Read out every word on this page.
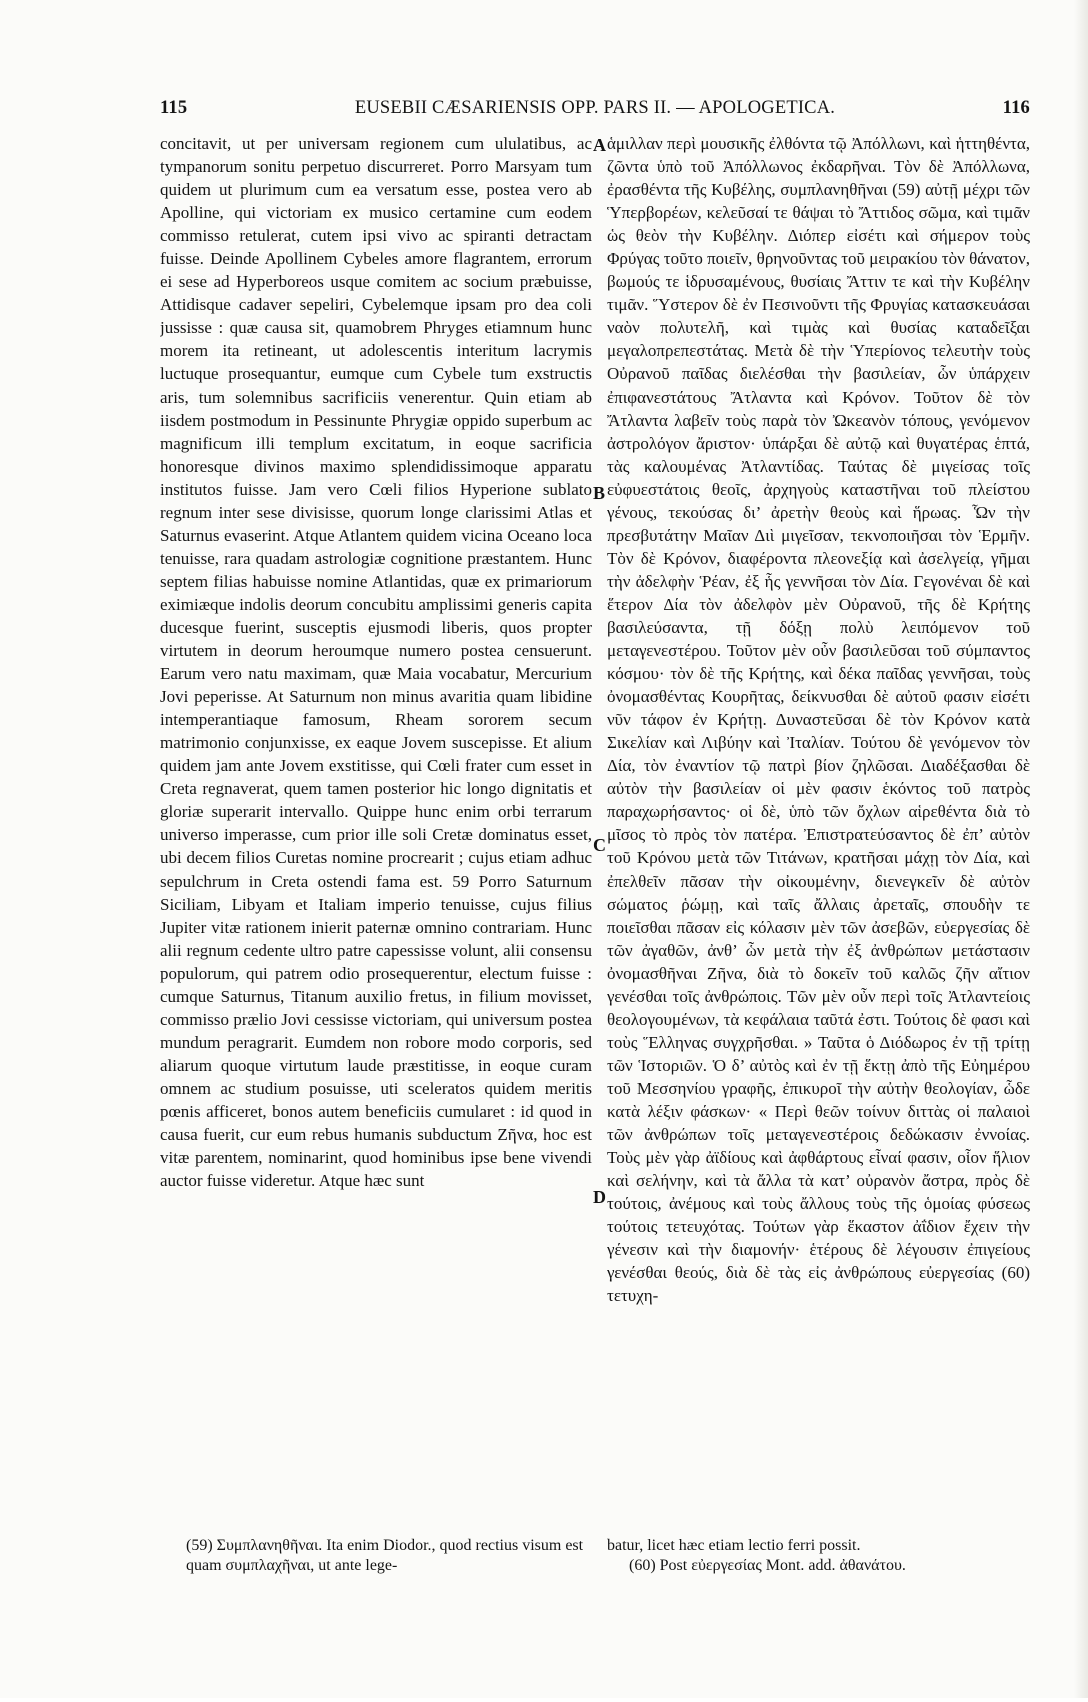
115	EUSEBII CÆSARIENSIS OPP. PARS II. — APOLOGETICA.	116

concitavit, ut per universam regionem cum ululatibus, ac tympanorum sonitu perpetuo discurreret. Porro Marsyam tum quidem ut plurimum cum ea versatum esse, postea vero ab Apolline, qui victoriam ex musico certamine cum eodem commisso retulerat, cutem ipsi vivo ac spiranti detractam fuisse. Deinde Apollinem Cybeles amore flagrantem, errorum ei sese ad Hyperboreos usque comitem ac socium præbuisse, Attidisque cadaver sepeliri, Cybelemque ipsam pro dea coli jussisse : quæ causa sit, quamobrem Phryges etiamnum hunc morem ita retineant, ut adolescentis interitum lacrymis luctuque prosequantur, eumque cum Cybele tum exstructis aris, tum solemnibus sacrificiis venerentur. Quin etiam ab iisdem postmodum in Pessinunte Phrygiæ oppido superbum ac magnificum illi templum excitatum, in eoque sacrificia honoresque divinos maximo splendidissimoque apparatu institutos fuisse. Jam vero Cœli filios Hyperione sublato regnum inter sese divisisse, quorum longe clarissimi Atlas et Saturnus evaserint. Atque Atlantem quidem vicina Oceano loca tenuisse, rara quadam astrologiæ cognitione præstantem. Hunc septem filias habuisse nomine Atlantidas, quæ ex primariorum eximiæque indolis deorum concubitu amplissimi generis capita ducesque fuerint, susceptis ejusmodi liberis, quos propter virtutem in deorum heroumque numero postea censuerunt. Earum vero natu maximam, quæ Maia vocabatur, Mercurium Jovi peperisse. At Saturnum non minus avaritia quam libidine intemperantiaque famosum, Rheam sororem secum matrimonio conjunxisse, ex eaque Jovem suscepisse. Et alium quidem jam ante Jovem exstitisse, qui Cœli frater cum esset in Creta regnaverat, quem tamen posterior hic longo dignitatis et gloriæ superarit intervallo. Quippe hunc enim orbi terrarum universo imperasse, cum prior ille soli Cretæ dominatus esset, ubi decem filios Curetas nomine procrearit ; cujus etiam adhuc sepulchrum in Creta ostendi fama est. 59 Porro Saturnum Siciliam, Libyam et Italiam imperio tenuisse, cujus filius Jupiter vitæ rationem inierit paternæ omnino contrariam. Hunc alii regnum cedente ultro patre capessisse volunt, alii consensu populorum, qui patrem odio prosequerentur, electum fuisse : cumque Saturnus, Titanum auxilio fretus, in filium movisset, commisso prælio Jovi cessisse victoriam, qui universum postea mundum peragrarit. Eumdem non robore modo corporis, sed aliarum quoque virtutum laude præstitisse, in eoque curam omnem ac studium posuisse, uti sceleratos quidem meritis pœnis afficeret, bonos autem beneficiis cumularet : id quod in causa fuerit, cur eum rebus humanis subductum Ζῆνα, hoc est vitæ parentem, nominarint, quod hominibus ipse bene vivendi auctor fuisse videretur. Atque hæc sunt

A
B
C
D

ἁμιλλαν περὶ μουσικῆς ἐλθόντα τῷ Ἀπόλλωνι, καὶ ἡττηθέντα, ζῶντα ὑπὸ τοῦ Ἀπόλλωνος ἐκδαρῆναι. Τὸν δὲ Ἀπόλλωνα, ἐρασθέντα τῆς Κυβέλης, συμπλανηθῆναι (59) αὐτῇ μέχρι τῶν Ὑπερβορέων, κελεῦσαί τε θάψαι τὸ Ἄττιδος σῶμα, καὶ τιμᾶν ὡς θεὸν τὴν Κυβέλην. Διόπερ εἰσέτι καὶ σήμερον τοὺς Φρύγας τοῦτο ποιεῖν, θρηνοῦντας τοῦ μειρακίου τὸν θάνατον, βωμούς τε ἱδρυσαμένους, θυσίαις Ἄττιν τε καὶ τὴν Κυβέλην τιμᾶν. Ὕστερον δὲ ἐν Πεσινοῦντι τῆς Φρυγίας κατασκευάσαι ναὸν πολυτελῆ, καὶ τιμὰς καὶ θυσίας καταδεῖξαι μεγαλοπρεπεστάτας. Μετὰ δὲ τὴν Ὑπερίονος τελευτὴν τοὺς Οὐρανοῦ παῖδας διελέσθαι τὴν βασιλείαν, ὧν ὑπάρχειν ἐπιφανεστάτους Ἄτλαντα καὶ Κρόνον. Τοῦτον δὲ τὸν Ἄτλαντα λαβεῖν τοὺς παρὰ τὸν Ὠκεανὸν τόπους, γενόμενον ἀστρολόγον ἄριστον· ὑπάρξαι δὲ αὐτῷ καὶ θυγατέρας ἑπτά, τὰς καλουμένας Ἀτλαντίδας. Ταύτας δὲ μιγείσας τοῖς εὐφυεστάτοις θεοῖς, ἀρχηγοὺς καταστῆναι τοῦ πλείστου γένους, τεκούσας δι’ ἀρετὴν θεοὺς καὶ ἥρωας. Ὧν τὴν πρεσβυτάτην Μαῖαν Διὶ μιγεῖσαν, τεκνοποιῆσαι τὸν Ἑρμῆν. Τὸν δὲ Κρόνον, διαφέροντα πλεονεξίᾳ καὶ ἀσελγείᾳ, γῆμαι τὴν ἀδελφὴν Ῥέαν, ἐξ ἧς γεννῆσαι τὸν Δία. Γεγονέναι δὲ καὶ ἕτερον Δία τὸν ἀδελφὸν μὲν Οὐρανοῦ, τῆς δὲ Κρήτης βασιλεύσαντα, τῇ δόξῃ πολὺ λειπόμενον τοῦ μεταγενεστέρου. Τοῦτον μὲν οὖν βασιλεῦσαι τοῦ σύμπαντος κόσμου· τὸν δὲ τῆς Κρήτης, καὶ δέκα παῖδας γεννῆσαι, τοὺς ὀνομασθέντας Κουρῆτας, δείκνυσθαι δὲ αὐτοῦ φασιν εἰσέτι νῦν τάφον ἐν Κρήτῃ. Δυναστεῦσαι δὲ τὸν Κρόνον κατὰ Σικελίαν καὶ Λιβύην καὶ Ἰταλίαν. Τούτου δὲ γενόμενον τὸν Δία, τὸν ἐναντίον τῷ πατρὶ βίον ζηλῶσαι. Διαδέξασθαι δὲ αὐτὸν τὴν βασιλείαν οἱ μὲν φασιν ἑκόντος τοῦ πατρὸς παραχωρήσαντος· οἱ δὲ, ὑπὸ τῶν ὄχλων αἱρεθέντα διὰ τὸ μῖσος τὸ πρὸς τὸν πατέρα. Ἐπιστρατεύσαντος δὲ ἐπ’ αὐτὸν τοῦ Κρόνου μετὰ τῶν Τιτάνων, κρατῆσαι μάχῃ τὸν Δία, καὶ ἐπελθεῖν πᾶσαν τὴν οἰκουμένην, διενεγκεῖν δὲ αὐτὸν σώματος ῥώμῃ, καὶ ταῖς ἄλλαις ἀρεταῖς, σπουδὴν τε ποιεῖσθαι πᾶσαν εἰς κόλασιν μὲν τῶν ἀσεβῶν, εὐεργεσίας δὲ τῶν ἀγαθῶν, ἀνθ’ ὧν μετὰ τὴν ἐξ ἀνθρώπων μετάστασιν ὀνομασθῆναι Ζῆνα, διὰ τὸ δοκεῖν τοῦ καλῶς ζῆν αἴτιον γενέσθαι τοῖς ἀνθρώποις. Τῶν μὲν οὖν περὶ τοῖς Ἀτλαντείοις θεολογουμένων, τὰ κεφάλαια ταῦτά ἐστι. Τούτοις δὲ φασι καὶ τοὺς Ἕλληνας συγχρῆσθαι. » Ταῦτα ὁ Διόδωρος ἐν τῇ τρίτῃ τῶν Ἱστοριῶν. Ὁ δ’ αὐτὸς καὶ ἐν τῇ ἕκτῃ ἀπὸ τῆς Εὐημέρου τοῦ Μεσσηνίου γραφῆς, ἐπικυροῖ τὴν αὐτὴν θεολογίαν, ὧδε κατὰ λέξιν φάσκων· « Περὶ θεῶν τοίνυν διττὰς οἱ παλαιοὶ τῶν ἀνθρώπων τοῖς μεταγενεστέροις δεδώκασιν ἐννοίας. Τοὺς μὲν γὰρ ἀϊδίους καὶ ἀφθάρτους εἶναί φασιν, οἷον ἥλιον καὶ σελήνην, καὶ τὰ ἄλλα τὰ κατ’ οὐρανὸν ἄστρα, πρὸς δὲ τούτοις, ἀνέμους καὶ τοὺς ἄλλους τοὺς τῆς ὁμοίας φύσεως τούτοις τετευχότας. Τούτων γὰρ ἕκαστον ἀΐδιον ἔχειν τὴν γένεσιν καὶ τὴν διαμονήν· ἑτέρους δὲ λέγουσιν ἐπιγείους γενέσθαι θεούς, διὰ δὲ τὰς εἰς ἀνθρώπους εὐεργεσίας (60) τετυχη-

(59) Συμπλανηθῆναι. Ita enim Diodor., quod rectius visum est quam συμπλαχῆναι, ut ante lege-

batur, licet hæc etiam lectio ferri possit.

(60) Post εὐεργεσίας Mont. add. ἀθανάτου.
